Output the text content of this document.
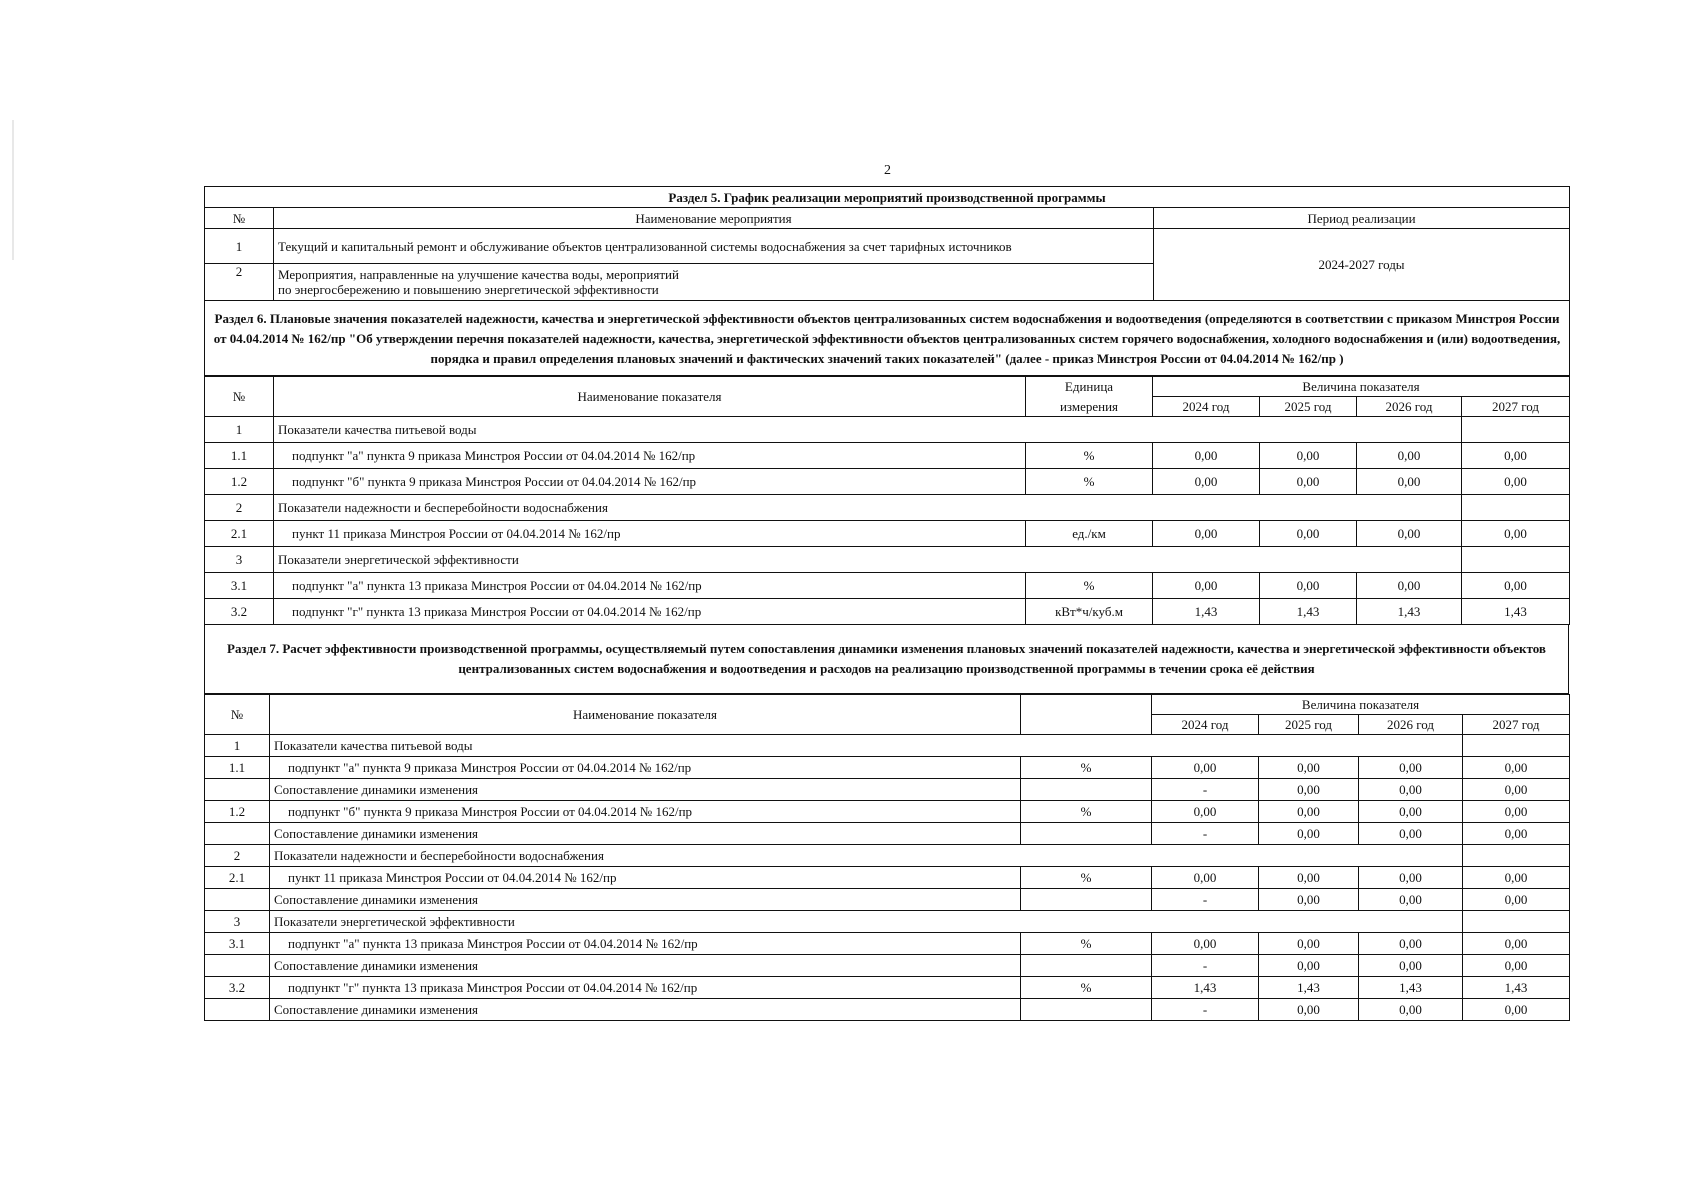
2
Раздел 5. График реализации мероприятий производственной программы		
№	Наименование мероприятия	Период реализации
1	Текущий и капитальный ремонт и обслуживание объектов централизованной системы водоснабжения за счет тарифных источников	2024-2027 годы
2	Мероприятия, направленные на улучшение качества воды, мероприятий
по энергосбережению и повышению энергетической эффективности	

Раздел 6. Плановые значения показателей надежности, качества и энергетической эффективности объектов централизованных систем водоснабжения и водоотведения (определяются в соответствии с приказом Минстроя России от 04.04.2014 № 162/пр "Об утверждении перечня показателей надежности, качества, энергетической эффективности объектов централизованных систем горячего водоснабжения, холодного водоснабжения и (или) водоотведения, порядка и правил определения плановых значений и фактических значений таких показателей" (далее - приказ Минстроя России от 04.04.2014 № 162/пр )		
№	Наименование показателя	Единица	Величина показателя			
		измерения	2024 год	2025 год	2026 год	2027 год
1	Показатели качества питьевой воды					
1.1	подпункт "а" пункта 9 приказа Минстроя России от 04.04.2014 № 162/пр	%	0,00	0,00	0,00	0,00
1.2	подпункт "б" пункта 9 приказа Минстроя России от 04.04.2014 № 162/пр	%	0,00	0,00	0,00	0,00
2	Показатели надежности и бесперебойности водоснабжения					
2.1	пункт 11 приказа Минстроя России от 04.04.2014 № 162/пр	ед./км	0,00	0,00	0,00	0,00
3	Показатели энергетической эффективности					
3.1	подпункт "а" пункта 13 приказа Минстроя России от 04.04.2014 № 162/пр	%	0,00	0,00	0,00	0,00
3.2	подпункт "г" пункта 13 приказа Минстроя России от 04.04.2014 № 162/пр	кВт*ч/куб.м	1,43	1,43	1,43	1,43
Раздел 7. Расчет эффективности производственной программы, осуществляемый путем сопоставления динамики изменения плановых значений показателей надежности, качества и энергетической эффективности объектов централизованных систем водоснабжения и водоотведения и расходов на реализацию производственной программы в течении срока её действия
№	Наименование показателя		Величина показателя			
			2024 год	2025 год	2026 год	2027 год
1	Показатели качества питьевой воды					
1.1	подпункт "а" пункта 9 приказа Минстроя России от 04.04.2014 № 162/пр	%	0,00	0,00	0,00	0,00
	Сопоставление динамики изменения		-	0,00	0,00	0,00
1.2	подпункт "б" пункта 9 приказа Минстроя России от 04.04.2014 № 162/пр	%	0,00	0,00	0,00	0,00
	Сопоставление динамики изменения		-	0,00	0,00	0,00
2	Показатели надежности и бесперебойности водоснабжения					
2.1	пункт 11 приказа Минстроя России от 04.04.2014 № 162/пр	%	0,00	0,00	0,00	0,00
	Сопоставление динамики изменения		-	0,00	0,00	0,00
3	Показатели энергетической эффективности					
3.1	подпункт "а" пункта 13 приказа Минстроя России от 04.04.2014 № 162/пр	%	0,00	0,00	0,00	0,00
	Сопоставление динамики изменения		-	0,00	0,00	0,00
3.2	подпункт "г" пункта 13 приказа Минстроя России от 04.04.2014 № 162/пр	%	1,43	1,43	1,43	1,43
	Сопоставление динамики изменения		-	0,00	0,00	0,00
